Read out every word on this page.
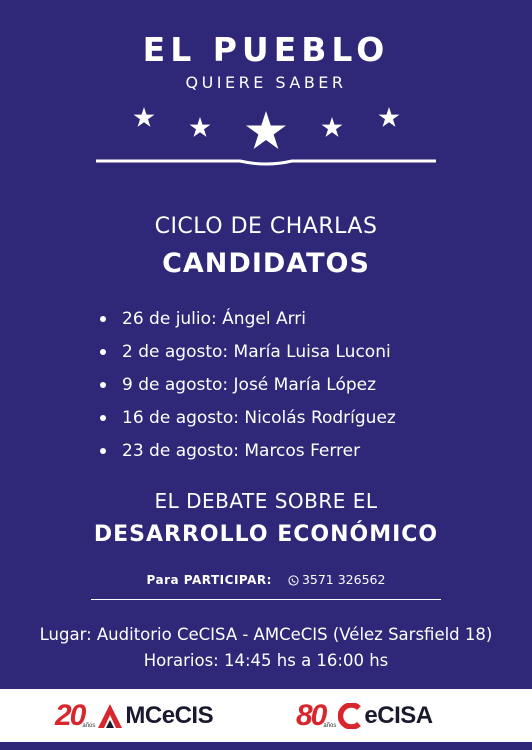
EL PUEBLO
QUIERE SABER
CICLO DE CHARLAS
CANDIDATOS
26 de julio: Ángel Arri
2 de agosto: María Luisa Luconi
9 de agosto: José María López
16 de agosto: Nicolás Rodríguez
23 de agosto: Marcos Ferrer
EL DEBATE SOBRE EL
DESARROLLO ECONÓMICO
Para PARTICIPAR: 3571 326562
Lugar: Auditorio CeCISA - AMCeCIS (Vélez Sarsfield 18)
Horarios: 14:45 hs a 16:00 hs
20
años MCeCIS	80
años eCISA
